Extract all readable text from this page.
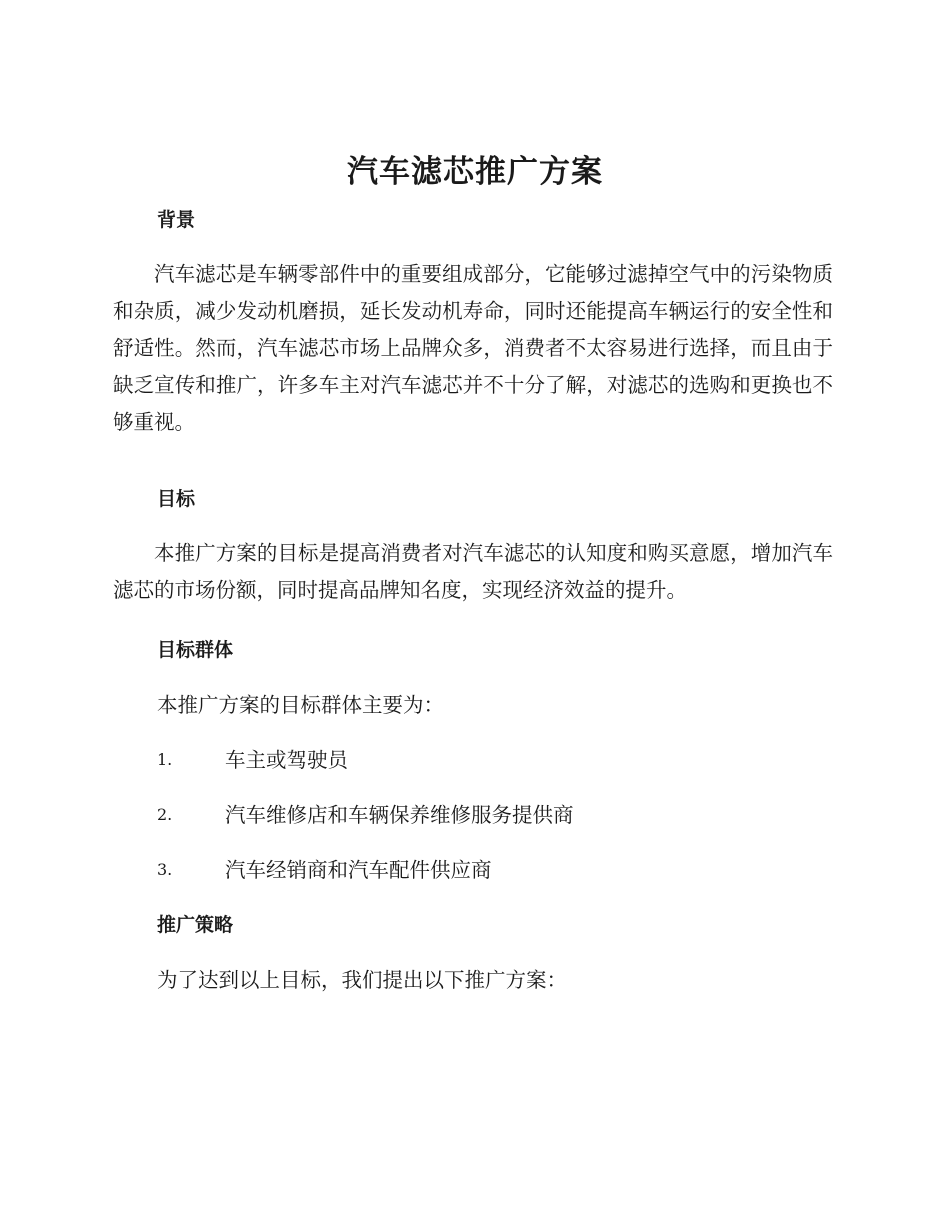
汽车滤芯推广方案
背景

汽车滤芯是车辆零部件中的重要组成部分，它能够过滤掉空气中的污染物质和杂质，减少发动机磨损，延长发动机寿命，同时还能提高车辆运行的安全性和舒适性。然而，汽车滤芯市场上品牌众多，消费者不太容易进行选择，而且由于缺乏宣传和推广，许多车主对汽车滤芯并不十分了解，对滤芯的选购和更换也不够重视。

目标

本推广方案的目标是提高消费者对汽车滤芯的认知度和购买意愿，增加汽车滤芯的市场份额，同时提高品牌知名度，实现经济效益的提升。

目标群体
本推广方案的目标群体主要为：
1.	车主或驾驶员
2.	汽车维修店和车辆保养维修服务提供商
3.	汽车经销商和汽车配件供应商
推广策略
为了达到以上目标，我们提出以下推广方案：
